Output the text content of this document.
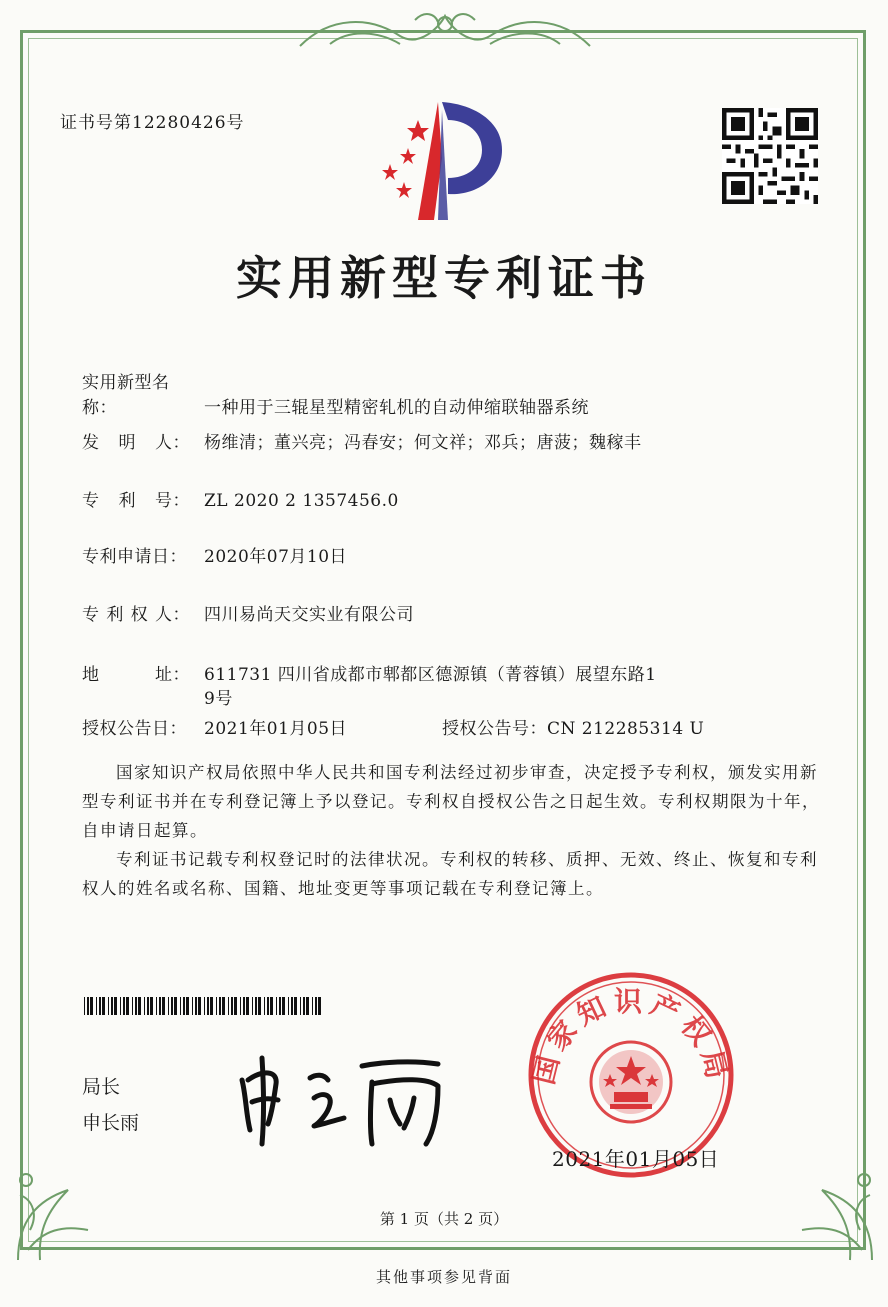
证书号第12280426号
实用新型专利证书
实用新型名称：	一种用于三辊星型精密轧机的自动伸缩联轴器系统
发 明 人： 杨维清；董兴亮；冯春安；何文祥；邓兵；唐菠；魏稼丰
专 利 号： ZL 2020 2 1357456.0
专利申请日： 2020年07月10日
专 利 权 人： 四川易尚天交实业有限公司
地	址： 611731 四川省成都市郫都区德源镇（菁蓉镇）展望东路1
9号
授权公告日： 2021年01月05日	授权公告号：CN 212285314 U

国家知识产权局依照中华人民共和国专利法经过初步审查，决定授予专利权，颁发实用新型专利证书并在专利登记簿上予以登记。专利权自授权公告之日起生效。专利权期限为十年，自申请日起算。

专利证书记载专利权登记时的法律状况。专利权的转移、质押、无效、终止、恢复和专利权人的姓名或名称、国籍、地址变更等事项记载在专利登记簿上。

局长
申长雨
国家知识产权局
2021年01月05日
第 1 页（共 2 页）
其他事项参见背面
